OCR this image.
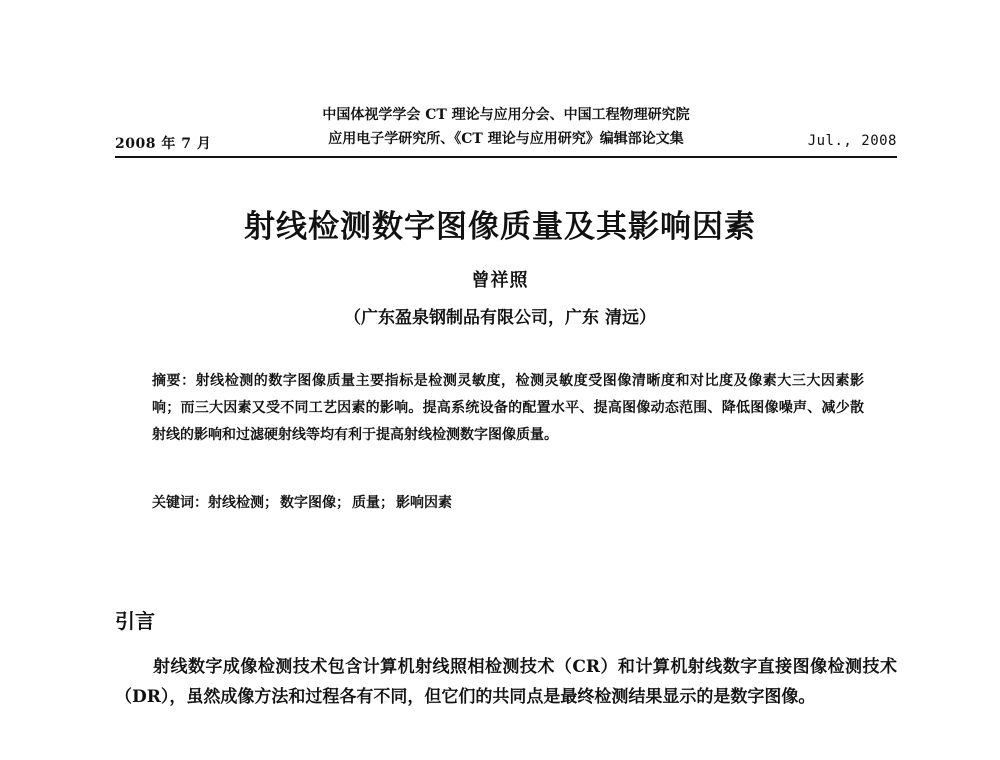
2008 年 7 月
中国体视学学会 CT 理论与应用分会、中国工程物理研究院
应用电子学研究所、《CT 理论与应用研究》编辑部论文集	Jul., 2008
射线检测数字图像质量及其影响因素
曾祥照
（广东盈泉钢制品有限公司，广东 清远）
摘要：射线检测的数字图像质量主要指标是检测灵敏度，检测灵敏度受图像清晰度和对比度及像素大三大因素影响；而三大因素又受不同工艺因素的影响。提高系统设备的配置水平、提高图像动态范围、降低图像噪声、减少散射线的影响和过滤硬射线等均有利于提高射线检测数字图像质量。
关键词：射线检测； 数字图像； 质量； 影响因素
引言
射线数字成像检测技术包含计算机射线照相检测技术（CR）和计算机射线数字直接图像检测技术（DR），虽然成像方法和过程各有不同，但它们的共同点是最终检测结果显示的是数字图像。
